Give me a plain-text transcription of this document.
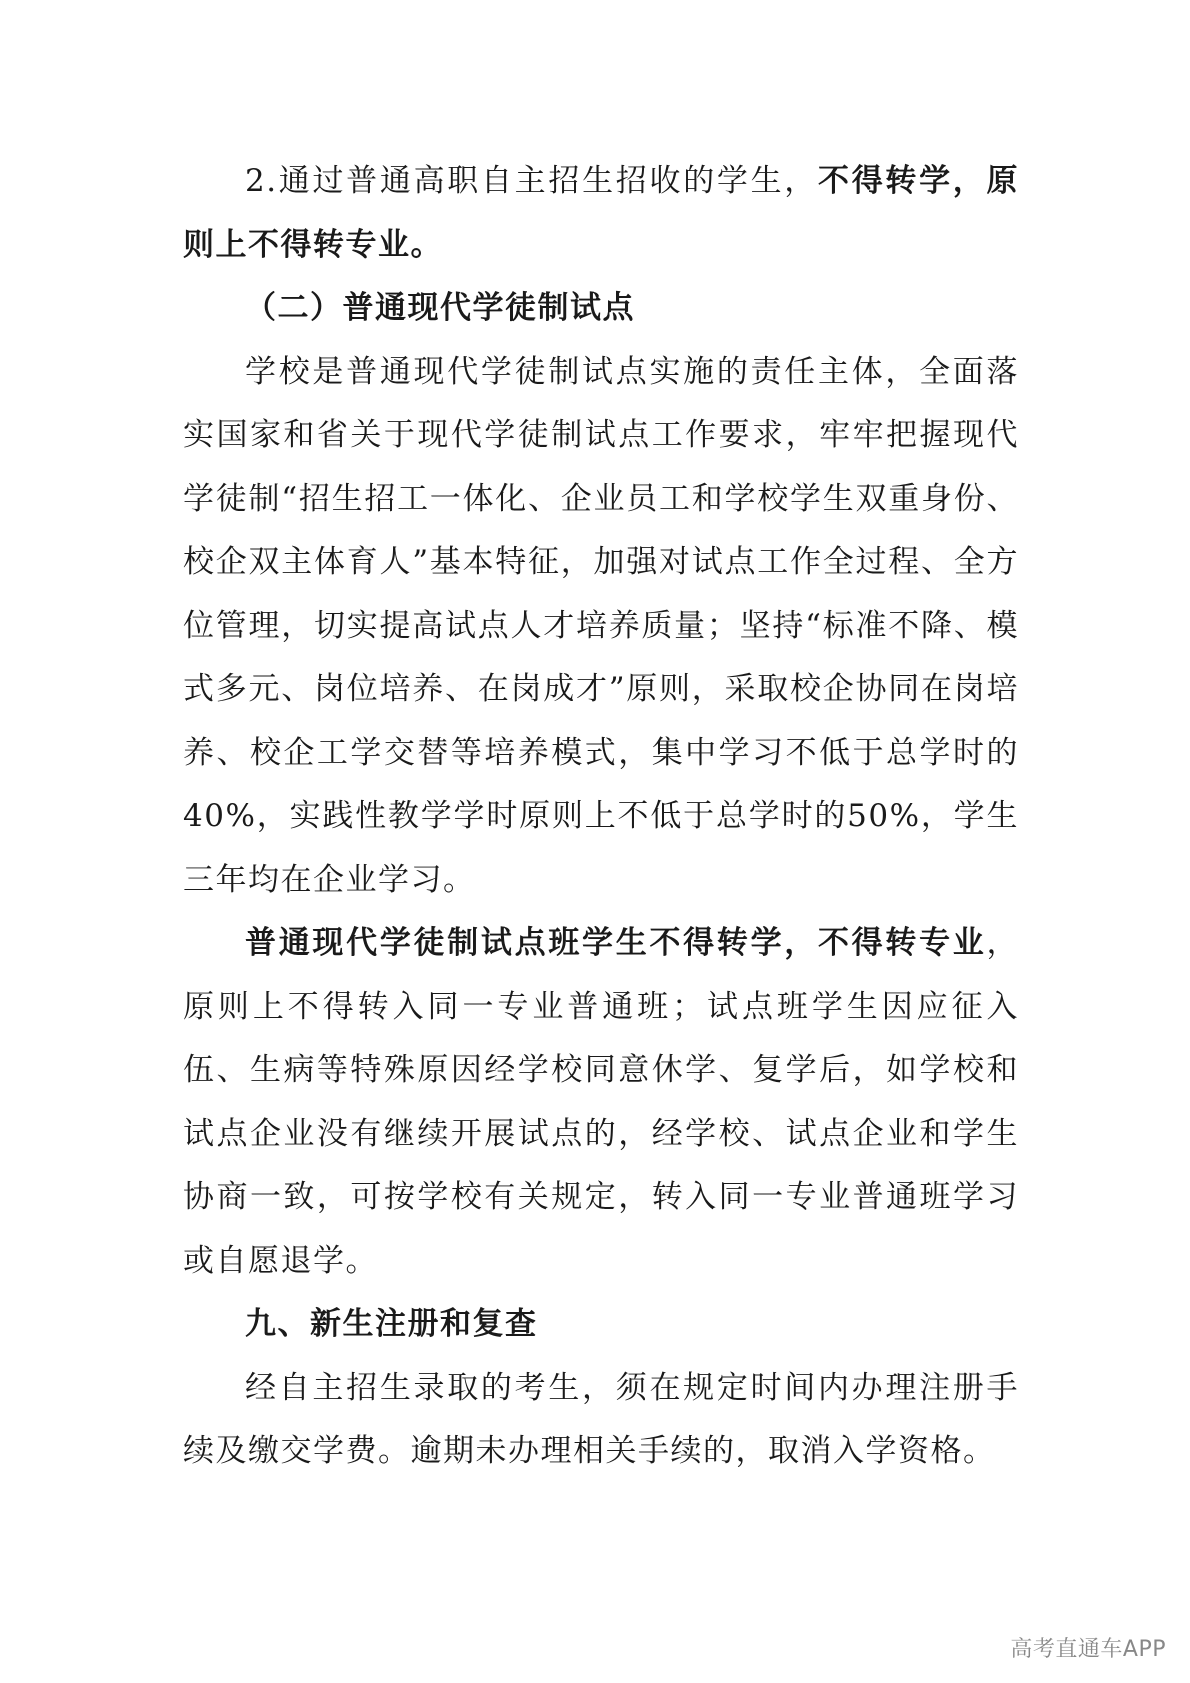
2.通过普通高职自主招生招收的学生，不得转学，原则上不得转专业。

（二）普通现代学徒制试点

学校是普通现代学徒制试点实施的责任主体，全面落实国家和省关于现代学徒制试点工作要求，牢牢把握现代学徒制“招生招工一体化、企业员工和学校学生双重身份、校企双主体育人”基本特征，加强对试点工作全过程、全方位管理，切实提高试点人才培养质量；坚持“标准不降、模式多元、岗位培养、在岗成才”原则，采取校企协同在岗培养、校企工学交替等培养模式，集中学习不低于总学时的40%，实践性教学学时原则上不低于总学时的50%，学生三年均在企业学习。

普通现代学徒制试点班学生不得转学，不得转专业，原则上不得转入同一专业普通班；试点班学生因应征入伍、生病等特殊原因经学校同意休学、复学后，如学校和试点企业没有继续开展试点的，经学校、试点企业和学生协商一致，可按学校有关规定，转入同一专业普通班学习或自愿退学。

九、新生注册和复查

经自主招生录取的考生，须在规定时间内办理注册手续及缴交学费。逾期未办理相关手续的，取消入学资格。

高考直通车APP
